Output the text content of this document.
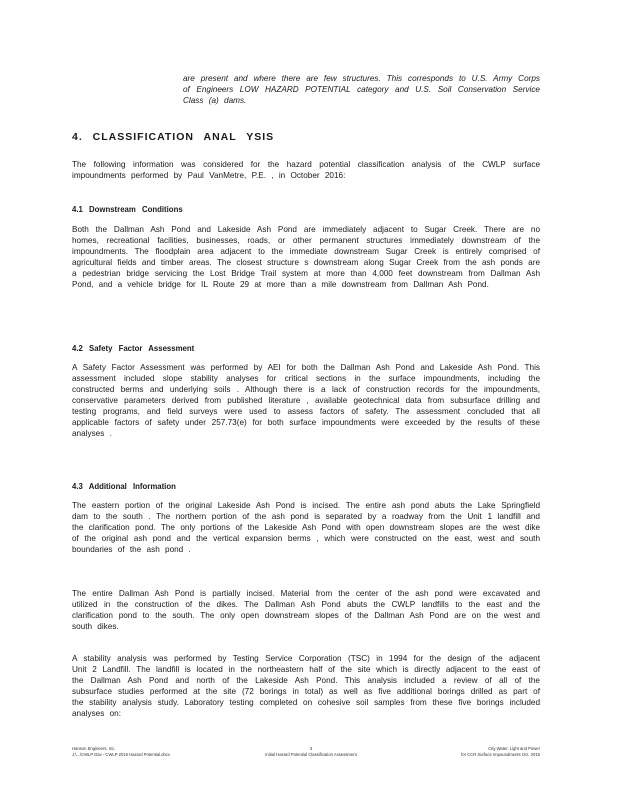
are present and where there are few structures. This corresponds to U.S. Army Corps of Engineers LOW HAZARD POTENTIAL category and U.S. Soil Conservation Service Class (a) dams.

4. CLASSIFICATION ANAL YSIS

The following information was considered for the hazard potential classification analysis of the CWLP surface impoundments performed by Paul VanMetre, P.E. , in October 2016:

4.1 Downstream Conditions

Both the Dallman Ash Pond and Lakeside Ash Pond are immediately adjacent to Sugar Creek. There are no homes, recreational facilities, businesses, roads, or other permanent structures immediately downstream of the impoundments. The floodplain area adjacent to the immediate downstream Sugar Creek is entirely comprised of agricultural fields and timber areas. The closest structure s downstream along Sugar Creek from the ash ponds are a pedestrian bridge servicing the Lost Bridge Trail system at more than 4,000 feet downstream from Dallman Ash Pond, and a vehicle bridge for IL Route 29 at more than a mile downstream from Dallman Ash Pond.

4.2 Safety Factor Assessment

A Safety Factor Assessment was performed by AEI for both the Dallman Ash Pond and Lakeside Ash Pond. This assessment included slope stability analyses for critical sections in the surface impoundments, including the constructed berms and underlying soils . Although there is a lack of construction records for the impoundments, conservative parameters derived from published literature , available geotechnical data from subsurface drilling and testing programs, and field surveys were used to assess factors of safety. The assessment concluded that all applicable factors of safety under 257.73(e) for both surface impoundments were exceeded by the results of these analyses .

4.3 Additional Information

The eastern portion of the original Lakeside Ash Pond is incised. The entire ash pond abuts the Lake Springfield dam to the south . The northern portion of the ash pond is separated by a roadway from the Unit 1 landfill and the clarification pond. The only portions of the Lakeside Ash Pond with open downstream slopes are the west dike of the original ash pond and the vertical expansion berms , which were constructed on the east, west and south boundaries of the ash pond .

The entire Dallman Ash Pond is partially incised. Material from the center of the ash pond were excavated and utilized in the construction of the dikes. The Dallman Ash Pond abuts the CWLP landfills to the east and the clarification pond to the south. The only open downstream slopes of the Dallman Ash Pond are on the west and south dikes.

A stability analysis was performed by Testing Service Corporation (TSC) in 1994 for the design of the adjacent Unit 2 Landfill. The landfill is located in the northeastern half of the site which is directly adjacent to the east of the Dallman Ash Pond and north of the Lakeside Ash Pond. This analysis included a review of all of the subsurface studies performed at the site (72 borings in total) as well as five additional borings drilled as part of the stability analysis study. Laboratory testing completed on cohesive soil samples from these five borings included analyses on:

Hanson Engineers, Inc.	3	City Water, Light and Power
J:\...\CWLP Dav - CWLP 2016 Hazard Potential.docx	Initial Hazard Potential Classification Assessment	for CCR Surface Impoundments Oct. 2016
